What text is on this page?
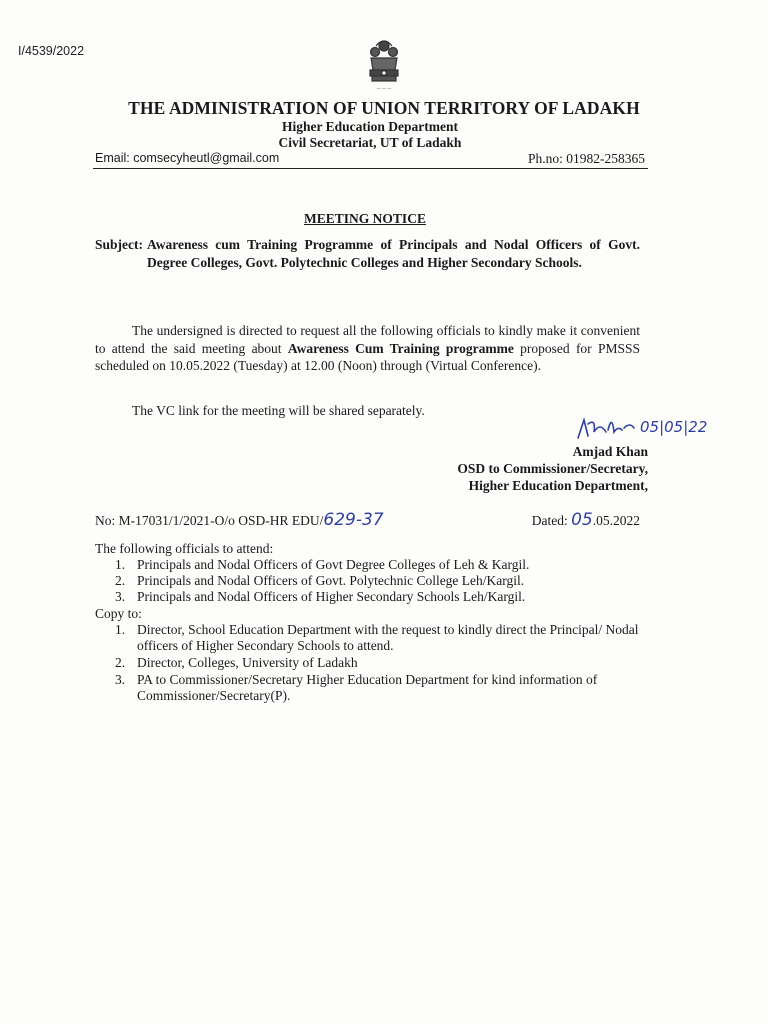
I/4539/2022
— — —
THE ADMINISTRATION OF UNION TERRITORY OF LADAKH
Higher Education Department
Civil Secretariat, UT of Ladakh
Email: comsecyheutl@gmail.com	Ph.no: 01982-258365
MEETING NOTICE
Subject: Awareness cum Training Programme of Principals and Nodal Officers of Govt. Degree Colleges, Govt. Polytechnic Colleges and Higher Secondary Schools.
The undersigned is directed to request all the following officials to kindly make it convenient to attend the said meeting about Awareness Cum Training programme proposed for PMSSS scheduled on 10.05.2022 (Tuesday) at 12.00 (Noon) through (Virtual Conference).
The VC link for the meeting will be shared separately.
05|05|22
Amjad Khan
OSD to Commissioner/Secretary,
Higher Education Department,
No: M-17031/1/2021-O/o OSD-HR EDU/629-37	Dated: 05.05.2022
The following officials to attend:
1. Principals and Nodal Officers of Govt Degree Colleges of Leh & Kargil.
2. Principals and Nodal Officers of Govt. Polytechnic College Leh/Kargil.
3. Principals and Nodal Officers of Higher Secondary Schools Leh/Kargil.
Copy to:
1. Director, School Education Department with the request to kindly direct the Principal/ Nodal officers of Higher Secondary Schools to attend.
2. Director, Colleges, University of Ladakh
3. PA to Commissioner/Secretary Higher Education Department for kind information of Commissioner/Secretary(P).
